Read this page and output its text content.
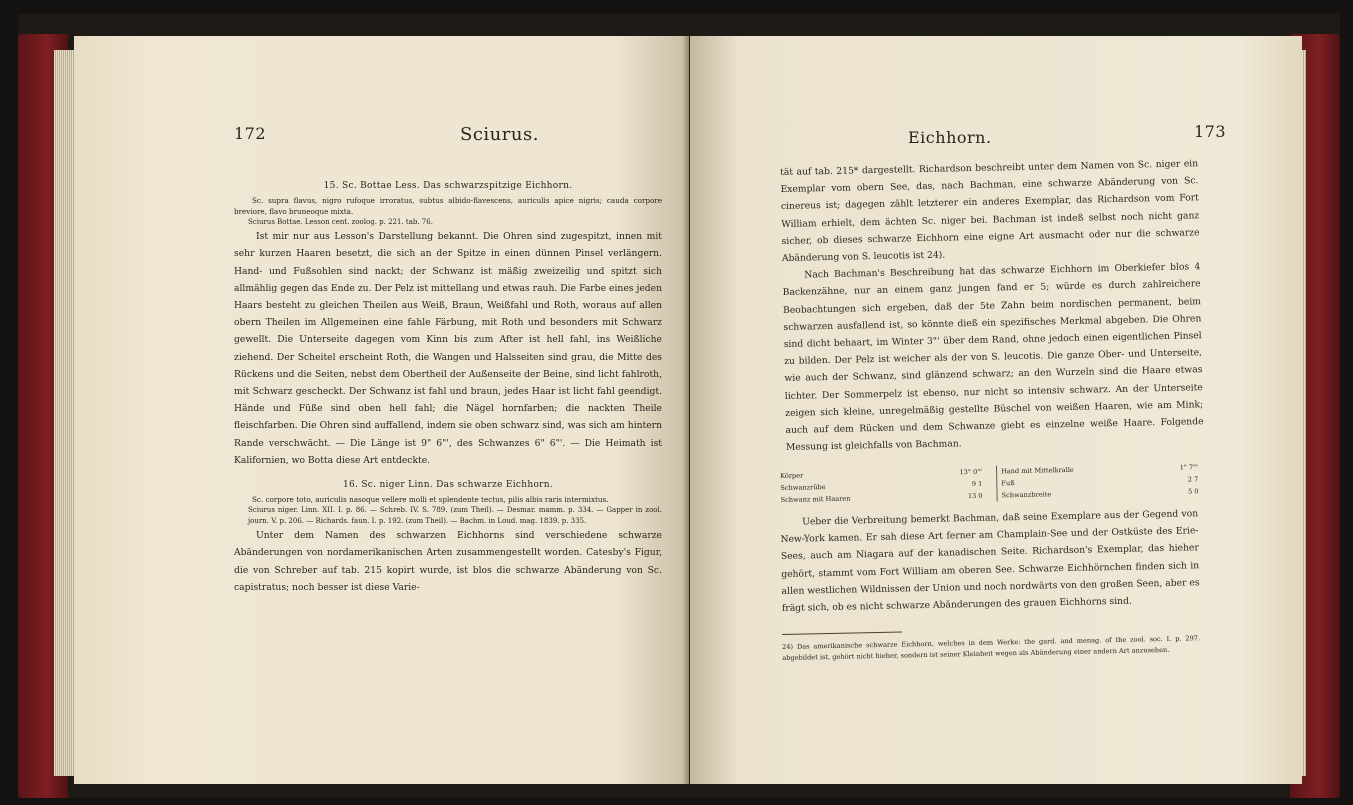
172	Sciurus.

15. Sc. Bottae Less. Das schwarzspitzige Eichhorn.

Sc. supra flavus, nigro rufoque irroratus, subtus albido-flavescens, auriculis apice nigris; cauda corpore breviore, flavo bruneoque mixta.

Sciurus Bottae. Lesson cent. zoolog. p. 221. tab. 76.

Ist mir nur aus Lesson's Darstellung bekannt. Die Ohren sind zugespitzt, innen mit sehr kurzen Haaren besetzt, die sich an der Spitze in einen dünnen Pinsel verlängern. Hand- und Fußsohlen sind nackt; der Schwanz ist mäßig zweizeilig und spitzt sich allmählig gegen das Ende zu. Der Pelz ist mittellang und etwas rauh. Die Farbe eines jeden Haars besteht zu gleichen Theilen aus Weiß, Braun, Weißfahl und Roth, woraus auf allen obern Theilen im Allgemeinen eine fahle Färbung, mit Roth und besonders mit Schwarz gewellt. Die Unterseite dagegen vom Kinn bis zum After ist hell fahl, ins Weißliche ziehend. Der Scheitel erscheint Roth, die Wangen und Halsseiten sind grau, die Mitte des Rückens und die Seiten, nebst dem Obertheil der Außenseite der Beine, sind licht fahlroth, mit Schwarz gescheckt. Der Schwanz ist fahl und braun, jedes Haar ist licht fahl geendigt. Hände und Füße sind oben hell fahl; die Nägel hornfarben; die nackten Theile fleischfarben. Die Ohren sind auffallend, indem sie oben schwarz sind, was sich am hintern Rande verschwächt. — Die Länge ist 9" 6"', des Schwanzes 6" 6"'. — Die Heimath ist Kalifornien, wo Botta diese Art entdeckte.

16. Sc. niger Linn. Das schwarze Eichhorn.

Sc. corpore toto, auriculis nasoque vellere molli et splendente tectus, pilis albis raris intermixtus.

Sciurus niger. Linn. XII. I. p. 86. — Schreb. IV. S. 789. (zum Theil). — Desmar. mamm. p. 334. — Gapper in zool. journ. V. p. 206. — Richards. faun. I. p. 192. (zum Theil). — Bachm. in Loud. mag. 1839. p. 335.

Unter dem Namen des schwarzen Eichhorns sind verschiedene schwarze Abänderungen von nordamerikanischen Arten zusammengestellt worden. Catesby's Figur, die von Schreber auf tab. 215 kopirt wurde, ist blos die schwarze Abänderung von Sc. capistratus; noch besser ist diese Varie-

Eichhorn.	173

tät auf tab. 215* dargestellt. Richardson beschreibt unter dem Namen von Sc. niger ein Exemplar vom obern See, das, nach Bachman, eine schwarze Abänderung von Sc. cinereus ist; dagegen zählt letzterer ein anderes Exemplar, das Richardson vom Fort William erhielt, dem ächten Sc. niger bei. Bachman ist indeß selbst noch nicht ganz sicher, ob dieses schwarze Eichhorn eine eigne Art ausmacht oder nur die schwarze Abänderung von S. leucotis ist 24).

Nach Bachman's Beschreibung hat das schwarze Eichhorn im Oberkiefer blos 4 Backenzähne, nur an einem ganz jungen fand er 5; würde es durch zahlreichere Beobachtungen sich ergeben, daß der 5te Zahn beim nordischen permanent, beim schwarzen ausfallend ist, so könnte dieß ein spezifisches Merkmal abgeben. Die Ohren sind dicht behaart, im Winter 3"' über dem Rand, ohne jedoch einen eigentlichen Pinsel zu bilden. Der Pelz ist weicher als der von S. leucotis. Die ganze Ober- und Unterseite, wie auch der Schwanz, sind glänzend schwarz; an den Wurzeln sind die Haare etwas lichter. Der Sommerpelz ist ebenso, nur nicht so intensiv schwarz. An der Unterseite zeigen sich kleine, unregelmäßig gestellte Büschel von weißen Haaren, wie am Mink; auch auf dem Rücken und dem Schwanze giebt es einzelne weiße Haare. Folgende Messung ist gleichfalls von Bachman.

Körper	13" 0"'
Schwanzrübe	9 1
Schwanz mit Haaren	13 0
Hand mit Mittelkralle	1" 7"'
Fuß	2 7
Schwanzbreite	5 0

Ueber die Verbreitung bemerkt Bachman, daß seine Exemplare aus der Gegend von New-York kamen. Er sah diese Art ferner am Champlain-See und der Ostküste des Erie-Sees, auch am Niagara auf der kanadischen Seite. Richardson's Exemplar, das hieher gehört, stammt vom Fort William am oberen See. Schwarze Eichhörnchen finden sich in allen westlichen Wildnissen der Union und noch nordwärts von den großen Seen, aber es frägt sich, ob es nicht schwarze Abänderungen des grauen Eichhorns sind.

24) Das amerikanische schwarze Eichhorn, welches in dem Werke: the gard. and menag. of the zool. soc. I. p. 297. abgebildet ist, gehört nicht hieher, sondern ist seiner Kleinheit wegen als Abänderung einer andern Art anzusehen.
